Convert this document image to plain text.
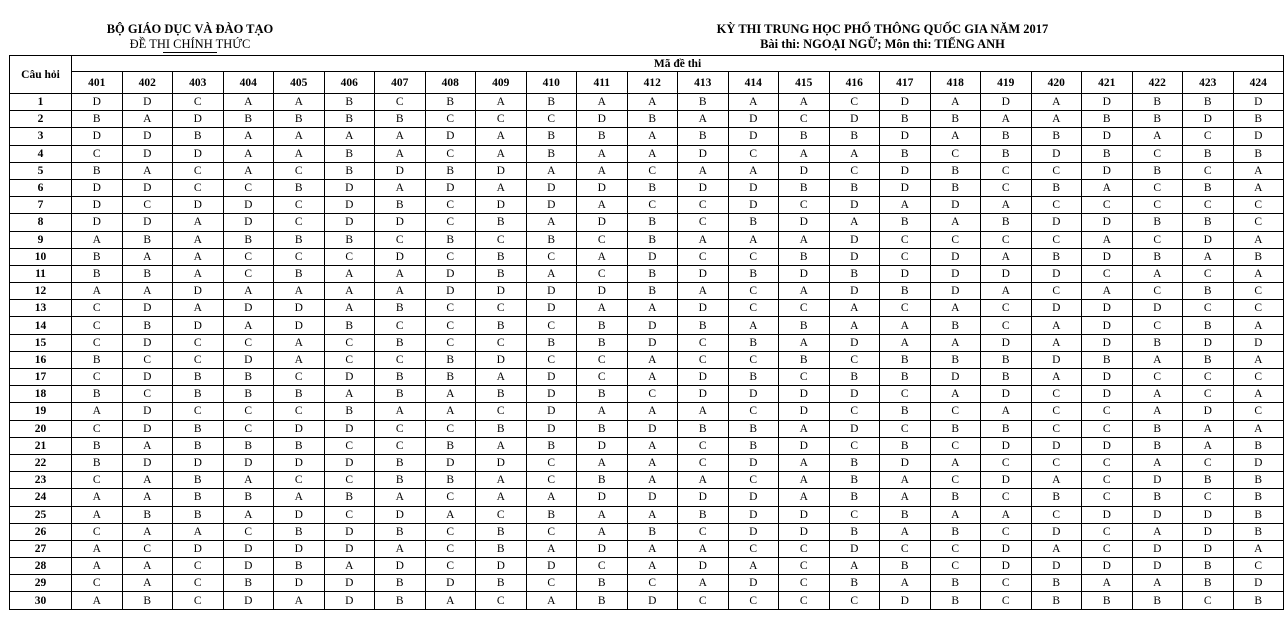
BỘ GIÁO DỤC VÀ ĐÀO TẠO
ĐỀ THI CHÍNH THỨC
KỲ THI TRUNG HỌC PHỔ THÔNG QUỐC GIA NĂM 2017
Bài thi: NGOẠI NGỮ; Môn thi: TIẾNG ANH
Câu hỏi	Mã đề thi																							
	401	402	403	404	405	406	407	408	409	410	411	412	413	414	415	416	417	418	419	420	421	422	423	424
1	D	D	C	A	A	B	C	B	A	B	A	A	B	A	A	C	D	A	D	A	D	B	B	D
2	B	A	D	B	B	B	B	C	C	C	D	B	A	D	C	D	B	B	A	A	B	B	D	B
3	D	D	B	A	A	A	A	D	A	B	B	A	B	D	B	B	D	A	B	B	D	A	C	D
4	C	D	D	A	A	B	A	C	A	B	A	A	D	C	A	A	B	C	B	D	B	C	B	B
5	B	A	C	A	C	B	D	B	D	A	A	C	A	A	D	C	D	B	C	C	D	B	C	A
6	D	D	C	C	B	D	A	D	A	D	D	B	D	D	B	B	D	B	C	B	A	C	B	A
7	D	C	D	D	C	D	B	C	D	D	A	C	C	D	C	D	A	D	A	C	C	C	C	C
8	D	D	A	D	C	D	D	C	B	A	D	B	C	B	D	A	B	A	B	D	D	B	B	C
9	A	B	A	B	B	B	C	B	C	B	C	B	A	A	A	D	C	C	C	C	A	C	D	A
10	B	A	A	C	C	C	D	C	B	C	A	D	C	C	B	D	C	D	A	B	D	B	A	B
11	B	B	A	C	B	A	A	D	B	A	C	B	D	B	D	B	D	D	D	D	C	A	C	A
12	A	A	D	A	A	A	A	D	D	D	D	B	A	C	A	D	B	D	A	C	A	C	B	C
13	C	D	A	D	D	A	B	C	C	D	A	A	D	C	C	A	C	A	C	D	D	D	C	C
14	C	B	D	A	D	B	C	C	B	C	B	D	B	A	B	A	A	B	C	A	D	C	B	A
15	C	D	C	C	A	C	B	C	C	B	B	D	C	B	A	D	A	A	D	A	D	B	D	D
16	B	C	C	D	A	C	C	B	D	C	C	A	C	C	B	C	B	B	B	D	B	A	B	A
17	C	D	B	B	C	D	B	B	A	D	C	A	D	B	C	B	B	D	B	A	D	C	C	C
18	B	C	B	B	B	A	B	A	B	D	B	C	D	D	D	D	C	A	D	C	D	A	C	A
19	A	D	C	C	C	B	A	A	C	D	A	A	A	C	D	C	B	C	A	C	C	A	D	C
20	C	D	B	C	D	D	C	C	B	D	B	D	B	B	A	D	C	B	B	C	C	B	A	A
21	B	A	B	B	B	C	C	B	A	B	D	A	C	B	D	C	B	C	D	D	D	B	A	B
22	B	D	D	D	D	D	B	D	D	C	A	A	C	D	A	B	D	A	C	C	C	A	C	D
23	C	A	B	A	C	C	B	B	A	C	B	A	A	C	A	B	A	C	D	A	C	D	B	B
24	A	A	B	B	A	B	A	C	A	A	D	D	D	D	A	B	A	B	C	B	C	B	C	B
25	A	B	B	A	D	C	D	A	C	B	A	A	B	D	D	C	B	A	A	C	D	D	D	B
26	C	A	A	C	B	D	B	C	B	C	A	B	C	D	D	B	A	B	C	D	C	A	D	B
27	A	C	D	D	D	D	A	C	B	A	D	A	A	C	C	D	C	C	D	A	C	D	D	A
28	A	A	C	D	B	A	D	C	D	D	C	A	D	A	C	A	B	C	D	D	D	D	B	C
29	C	A	C	B	D	D	B	D	B	C	B	C	A	D	C	B	A	B	C	B	A	A	B	D
30	A	B	C	D	A	D	B	A	C	A	B	D	C	C	C	C	D	B	C	B	B	B	C	B
